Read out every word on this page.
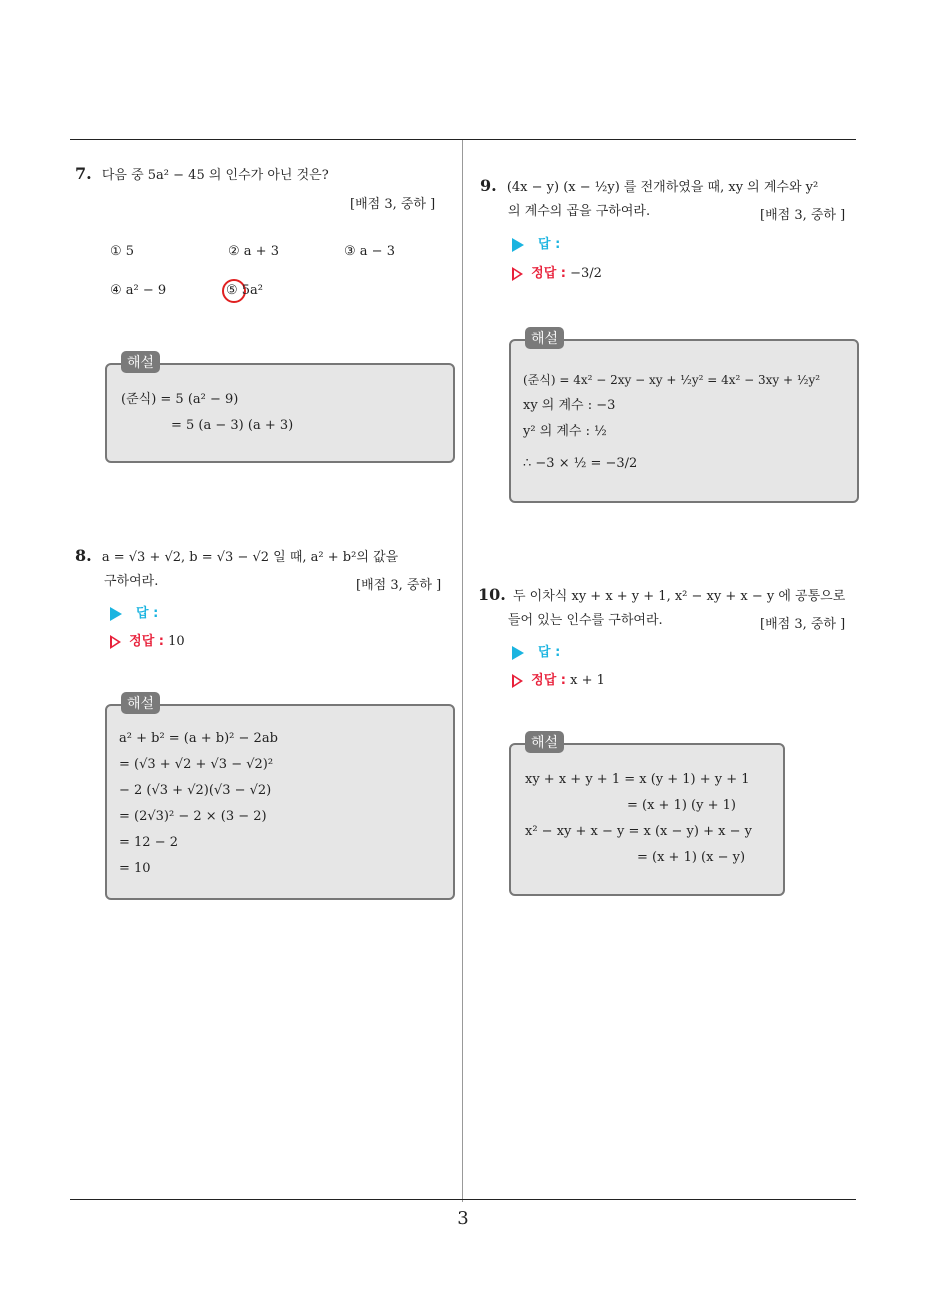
3
7. 다음 중 5a² − 45 의 인수가 아닌 것은?
[배점 3, 중하 ]
① 5	② a + 3	③ a − 3
④ a² − 9	⑤ 5a²
해설
(준식) = 5 (a² − 9)
= 5 (a − 3) (a + 3)
8. a = √3 + √2, b = √3 − √2 일 때, a² + b²의 값을
구하여라.	[배점 3, 중하 ]
답 :
정답 : 10
해설
a² + b² = (a + b)² − 2ab
= (√3 + √2 + √3 − √2)²
− 2 (√3 + √2)(√3 − √2)
= (2√3)² − 2 × (3 − 2)
= 12 − 2
= 10
9. (4x − y) (x − ½y) 를 전개하였을 때, xy 의 계수와 y²
의 계수의 곱을 구하여라.	[배점 3, 중하 ]
답 :
정답 : −3/2
해설
(준식) = 4x² − 2xy − xy + ½y² = 4x² − 3xy + ½y²
xy 의 계수 : −3
y² 의 계수 : ½
∴ −3 × ½ = −3/2
10. 두 이차식 xy + x + y + 1, x² − xy + x − y 에 공통으로
들어 있는 인수를 구하여라.	[배점 3, 중하 ]
답 :
정답 : x + 1
해설
xy + x + y + 1 = x (y + 1) + y + 1
= (x + 1) (y + 1)
x² − xy + x − y = x (x − y) + x − y
= (x + 1) (x − y)
